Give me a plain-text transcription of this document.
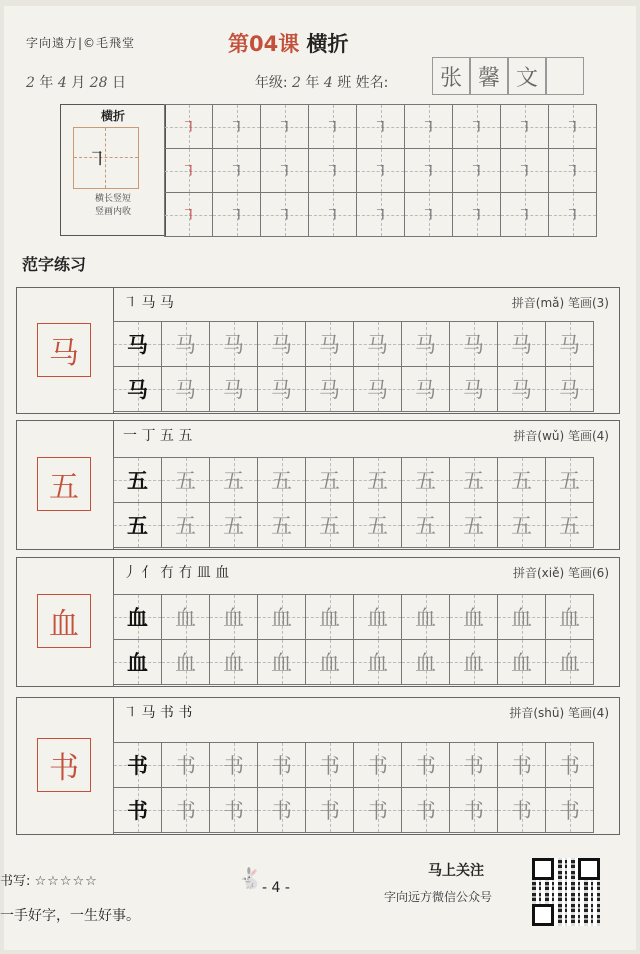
字向遠方|©毛飛堂	第04课 横折
2 年 4 月 28 日	年级: 2 年 4 班 姓名:	张 馨 文
横折
㇕
横长竖短
竖画内收
㇕	㇕	㇕	㇕	㇕	㇕	㇕	㇕	㇕
㇕	㇕	㇕	㇕	㇕	㇕	㇕	㇕	㇕
㇕	㇕	㇕	㇕	㇕	㇕	㇕	㇕	㇕
范字练习
马
㇕ 马 马	拼音(mǎ) 笔画(3)
马	马	马	马	马	马	马	马	马	马
马	马	马	马	马	马	马	马	马	马
五
一 丁 五 五	拼音(wǔ) 笔画(4)
五	五	五	五	五	五	五	五	五	五
五	五	五	五	五	五	五	五	五	五
血
丿 亻 冇 冇 皿 血	拼音(xiě) 笔画(6)
血	血	血	血	血	血	血	血	血	血
血	血	血	血	血	血	血	血	血	血
书
㇕ 马 书 书	拼音(shū) 笔画(4)
书	书	书	书	书	书	书	书	书	书
书	书	书	书	书	书	书	书	书	书
书写: ☆☆☆☆☆
一手好字，一生好事。
🐇 - 4 -
马上关注
字向远方微信公众号
